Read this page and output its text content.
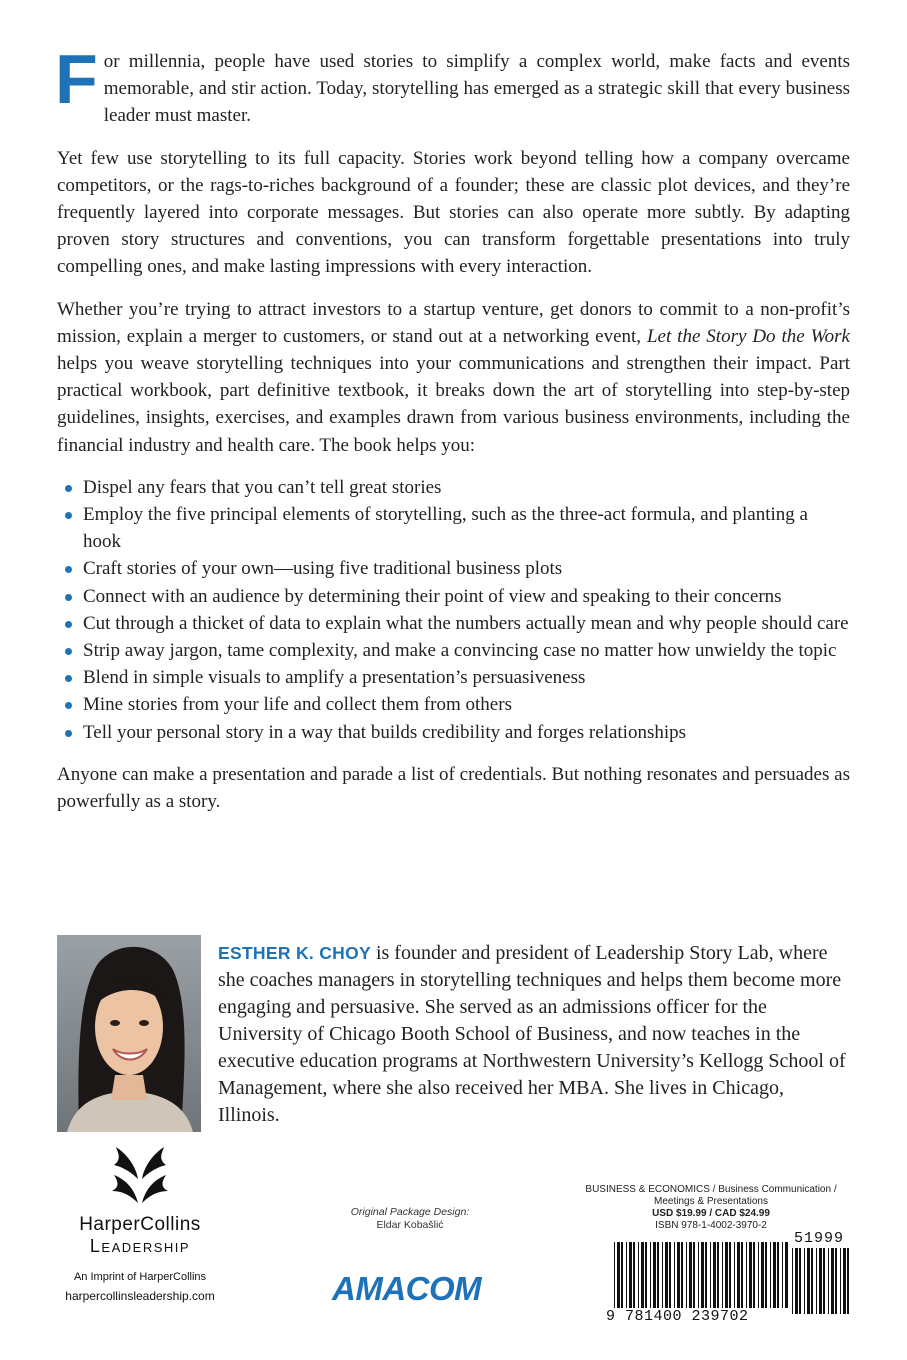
For millennia, people have used stories to simplify a complex world, make facts and events memorable, and stir action. Today, storytelling has emerged as a strategic skill that every business leader must master.

Yet few use storytelling to its full capacity. Stories work beyond telling how a company overcame competitors, or the rags-to-riches background of a founder; these are classic plot devices, and they’re frequently layered into corporate messages. But stories can also operate more subtly. By adapting proven story structures and conventions, you can transform forgettable presentations into truly compelling ones, and make lasting impressions with every interaction.

Whether you’re trying to attract investors to a startup venture, get donors to commit to a non-profit’s mission, explain a merger to customers, or stand out at a networking event, Let the Story Do the Work helps you weave storytelling techniques into your communications and strengthen their impact. Part practical workbook, part definitive textbook, it breaks down the art of storytelling into step-by-step guidelines, insights, exercises, and examples drawn from various business environments, including the financial industry and health care. The book helps you:

Dispel any fears that you can’t tell great stories
Employ the five principal elements of storytelling, such as the three-act formula, and planting a hook
Craft stories of your own—using five traditional business plots
Connect with an audience by determining their point of view and speaking to their concerns
Cut through a thicket of data to explain what the numbers actually mean and why people should care
Strip away jargon, tame complexity, and make a convincing case no matter how unwieldy the topic
Blend in simple visuals to amplify a presentation’s persuasiveness
Mine stories from your life and collect them from others
Tell your personal story in a way that builds credibility and forges relationships

Anyone can make a presentation and parade a list of credentials. But nothing resonates and persuades as powerfully as a story.

ESTHER K. CHOY is founder and president of Leadership Story Lab, where she coaches managers in storytelling techniques and helps them become more engaging and persuasive. She served as an admissions officer for the University of Chicago Booth School of Business, and now teaches in the executive education programs at Northwestern University’s Kellogg School of Management, where she also received her MBA. She lives in Chicago, Illinois.

HarperCollins
Leadership
An Imprint of HarperCollins
harpercollinsleadership.com
Original Package Design:
Eldar Kobašlić
AMACOM
BUSINESS & ECONOMICS / Business Communication / Meetings & Presentations
USD $19.99 / CAD $24.99
ISBN 978-1-4002-3970-2
9 781400 239702
51999
